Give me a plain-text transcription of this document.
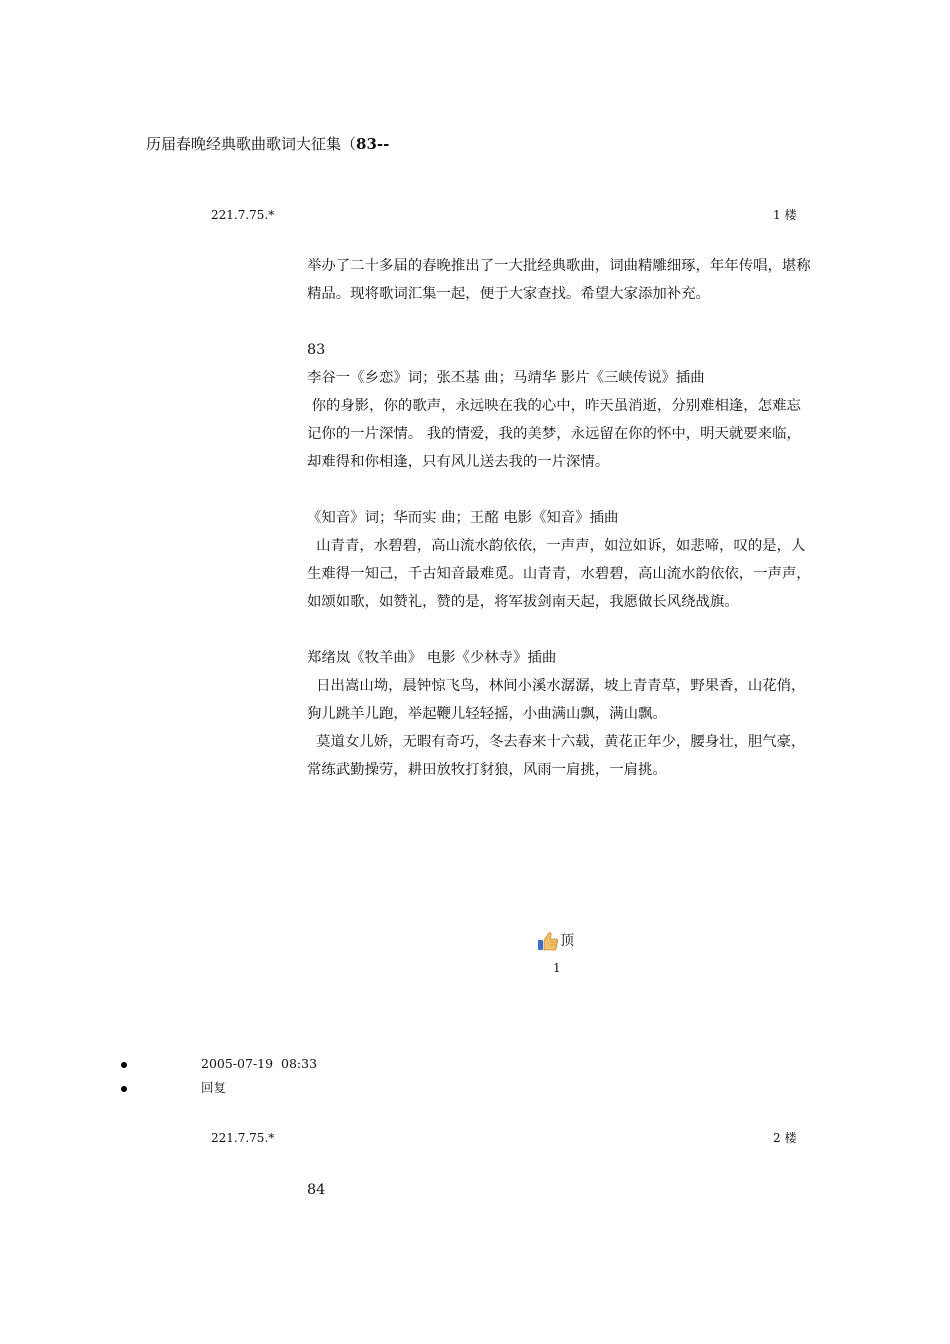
历届春晚经典歌曲歌词大征集（83--
221.7.75.*	1 楼

举办了二十多届的春晚推出了一大批经典歌曲，词曲精雕细琢，年年传唱，堪称精品。现将歌词汇集一起，便于大家查找。希望大家添加补充。

83

李谷一《乡恋》词；张丕基 曲；马靖华 影片《三峡传说》插曲

你的身影，你的歌声，永远映在我的心中，昨天虽消逝，分别难相逢，怎难忘记你的一片深情。 我的情爱，我的美梦，永远留在你的怀中，明天就要来临，却难得和你相逢，只有风儿送去我的一片深情。

《知音》词；华而实 曲；王酩 电影《知音》插曲

山青青，水碧碧，高山流水韵依依，一声声，如泣如诉，如悲啼，叹的是，人生难得一知己，千古知音最难觅。山青青，水碧碧，高山流水韵依依，一声声，如颂如歌，如赞礼，赞的是，将军拔剑南天起，我愿做长风绕战旗。

郑绪岚《牧羊曲》 电影《少林寺》插曲

日出嵩山坳，晨钟惊飞鸟，林间小溪水潺潺，坡上青青草，野果香，山花俏，狗儿跳羊儿跑，举起鞭儿轻轻摇，小曲满山飘，满山飘。

莫道女儿娇，无暇有奇巧，冬去春来十六载，黄花正年少，腰身壮，胆气豪，常练武勤操劳，耕田放牧打豺狼，风雨一肩挑，一肩挑。

顶
1
2005-07-19  08:33
回复
221.7.75.*	2 楼

84
